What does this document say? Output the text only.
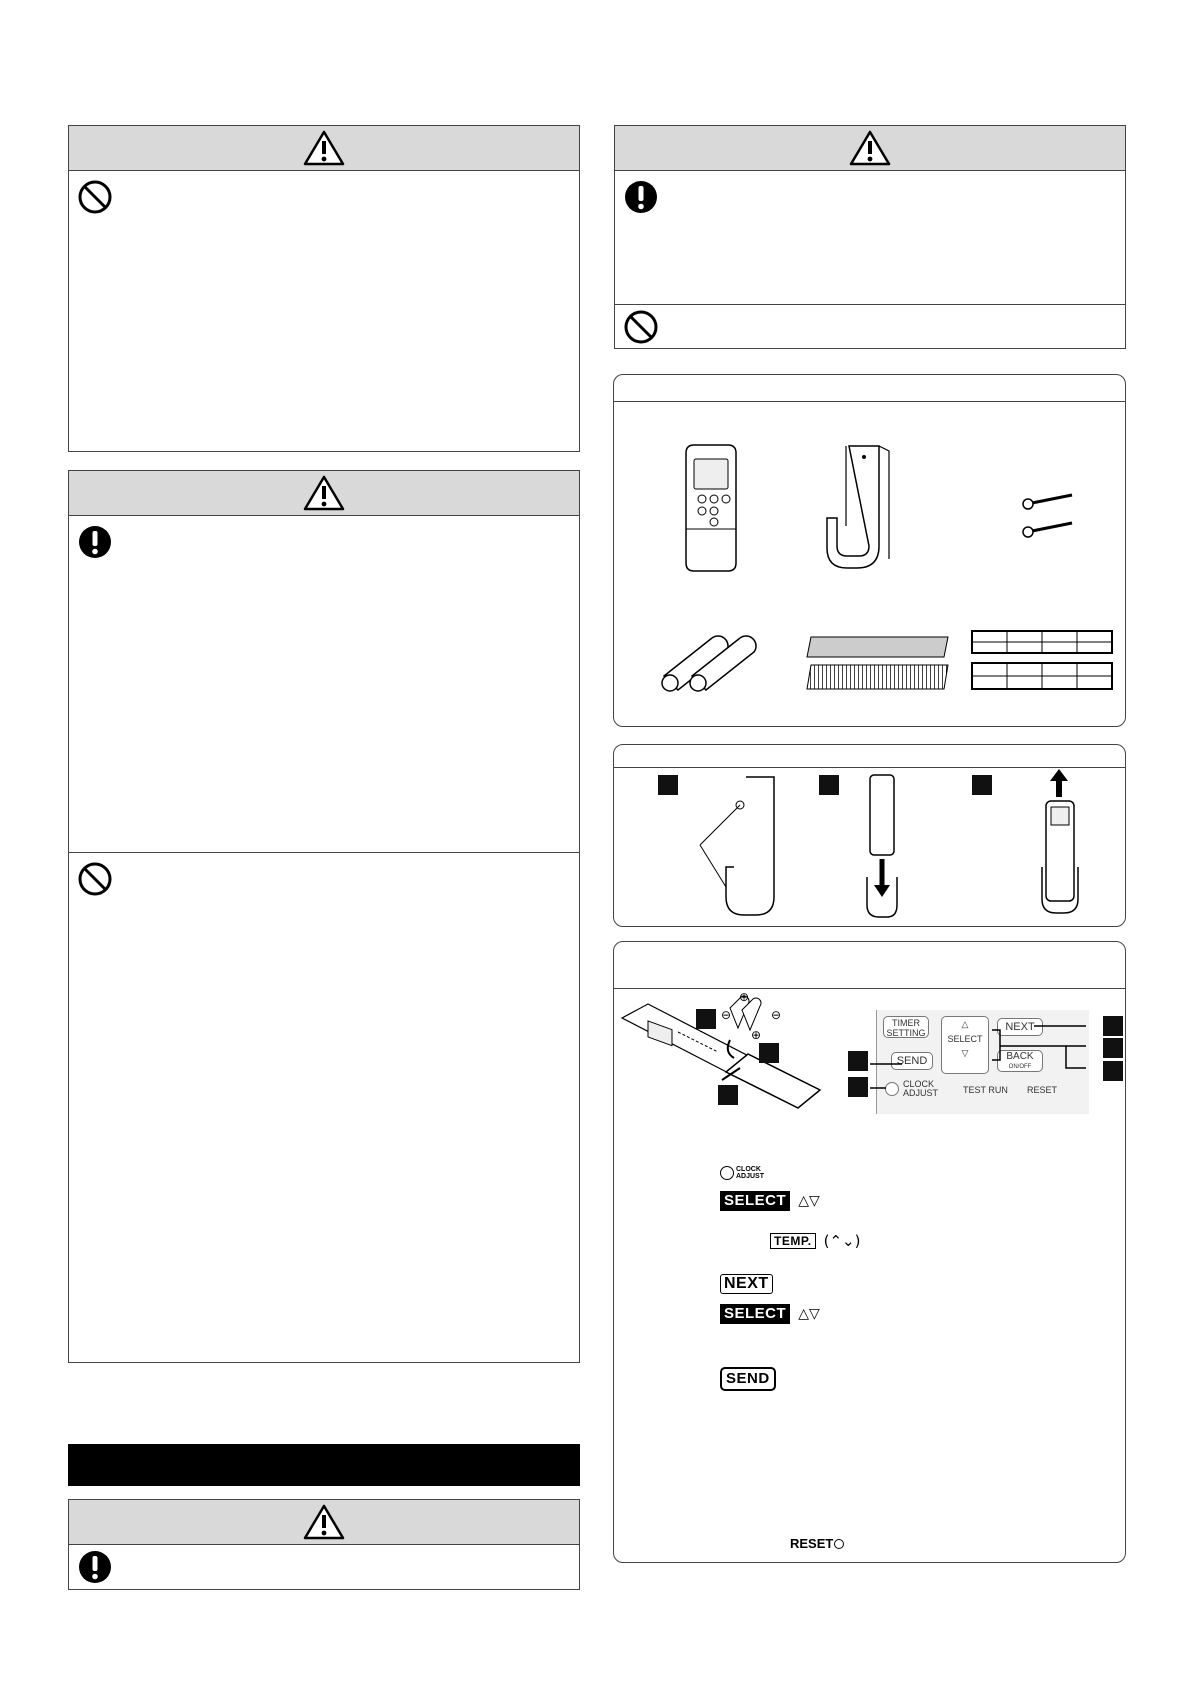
⊕
⊖	⊖
⊕
TIMER
SETTING
△
SELECT
▽
NEXT
SEND	BACK
ON/OFF
CLOCK
ADJUST	TEST RUN RESET
CLOCK
ADJUST
SELECT △▽
TEMP. (⌃⌄)
NEXT
SELECT △▽
SEND
RESET
